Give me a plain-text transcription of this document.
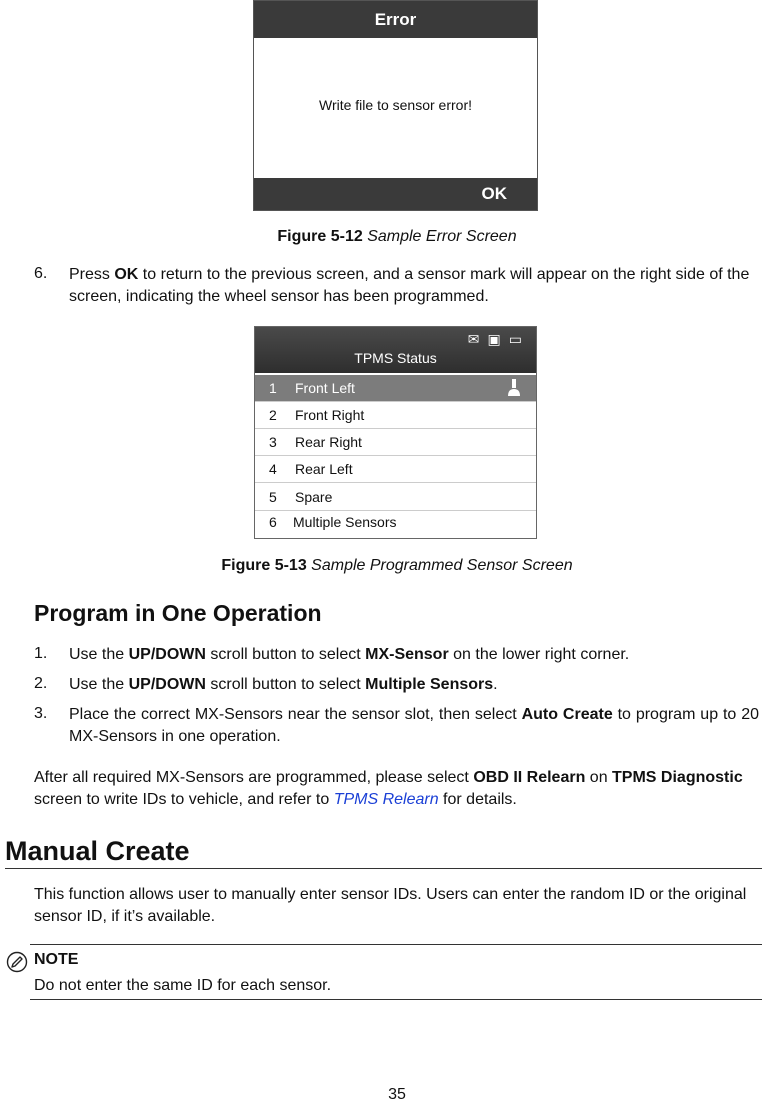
Error
Write file to sensor error!
OK
Figure 5-12 Sample Error Screen
6. Press OK to return to the previous screen, and a sensor mark will appear on the right side of the screen, indicating the wheel sensor has been programmed.
✉▣▭
TPMS Status
1 Front Left
2 Front Right
3 Rear Right
4 Rear Left
5 Spare
6 Multiple Sensors
Figure 5-13 Sample Programmed Sensor Screen
Program in One Operation
1. Use the UP/DOWN scroll button to select MX-Sensor on the lower right corner.
2. Use the UP/DOWN scroll button to select Multiple Sensors.
3. Place the correct MX-Sensors near the sensor slot, then select Auto Create to program up to 20 MX-Sensors in one operation.
After all required MX-Sensors are programmed, please select OBD II Relearn on TPMS Diagnostic screen to write IDs to vehicle, and refer to TPMS Relearn for details.
Manual Create
This function allows user to manually enter sensor IDs. Users can enter the random ID or the original sensor ID, if it’s available.
NOTE
Do not enter the same ID for each sensor.
35
